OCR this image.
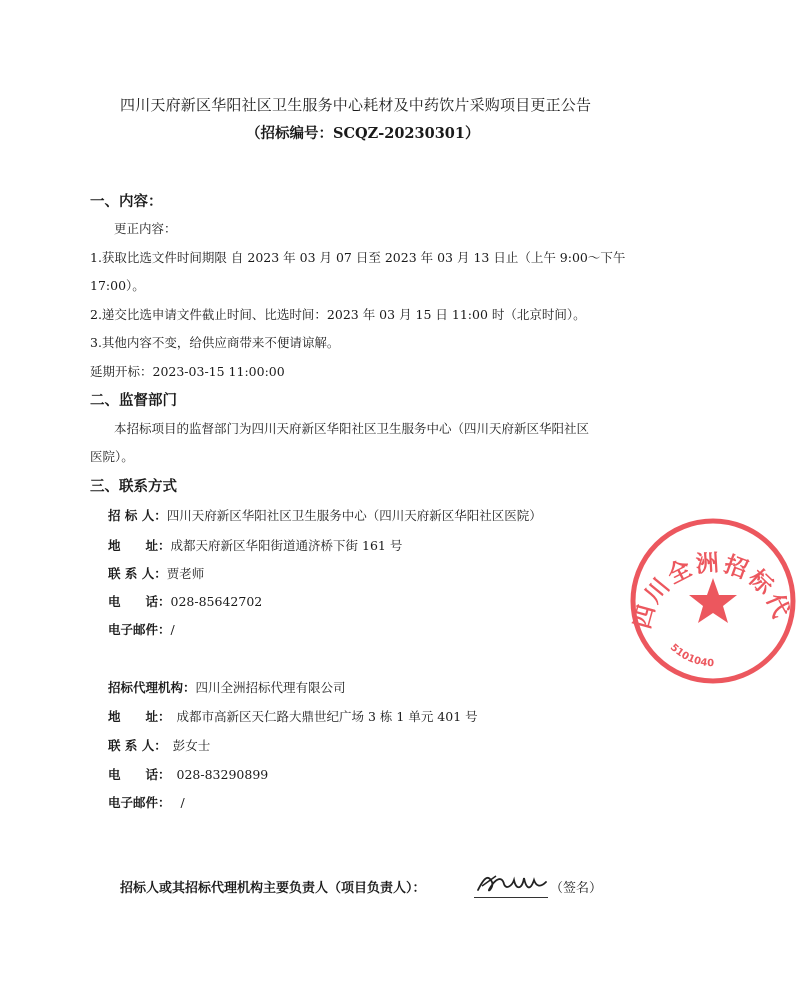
四川天府新区华阳社区卫生服务中心耗材及中药饮片采购项目更正公告
（招标编号：SCQZ-20230301）
一、内容：
更正内容：
1.获取比选文件时间期限 自 2023 年 03 月 07 日至 2023 年 03 月 13 日止（上午 9:00～下午
17:00）。
2.递交比选申请文件截止时间、比选时间：2023 年 03 月 15 日 11:00 时（北京时间）。
3.其他内容不变，给供应商带来不便请谅解。
延期开标：2023-03-15 11:00:00
二、监督部门
本招标项目的监督部门为四川天府新区华阳社区卫生服务中心（四川天府新区华阳社区
医院）。
三、联系方式
招 标 人：四川天府新区华阳社区卫生服务中心（四川天府新区华阳社区医院）
地　　址：成都天府新区华阳街道通济桥下街 161 号
联 系 人：贾老师
电　　话：028-85642702
电子邮件：/
招标代理机构：四川全洲招标代理有限公司
地　　址： 成都市高新区天仁路大鼎世纪广场 3 栋 1 单元 401 号
联 系 人： 彭女士
电　　话： 028-83290899
电子邮件： /
四川全洲招标代
5101040
招标人或其招标代理机构主要负责人（项目负责人）：	（签名）
